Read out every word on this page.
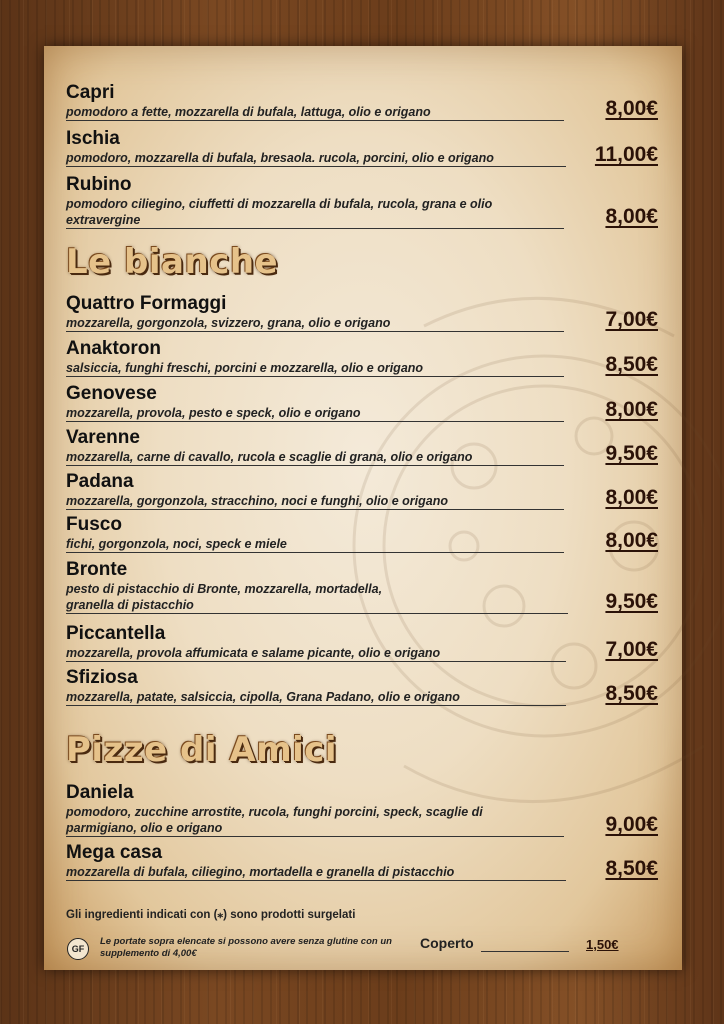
Capri
pomodoro a fette, mozzarella di bufala, lattuga, olio e origano	8,00€
Ischia
pomodoro, mozzarella di bufala, bresaola. rucola, porcini, olio e origano	11,00€
Rubino
pomodoro ciliegino, ciuffetti di mozzarella di bufala, rucola, grana e olio
extravergine	8,00€
Le bianche
Quattro Formaggi
mozzarella, gorgonzola, svizzero, grana, olio e origano	7,00€
Anaktoron
salsiccia, funghi freschi, porcini e mozzarella, olio e origano	8,50€
Genovese
mozzarella, provola, pesto e speck, olio e origano	8,00€
Varenne
mozzarella, carne di cavallo, rucola e scaglie di grana, olio e origano	9,50€
Padana
mozzarella, gorgonzola, stracchino, noci e funghi, olio e origano	8,00€
Fusco
fichi, gorgonzola, noci, speck e miele	8,00€
Bronte
pesto di pistacchio di Bronte, mozzarella, mortadella,
granella di pistacchio	9,50€
Piccantella
mozzarella, provola affumicata e salame picante, olio e origano	7,00€
Sfiziosa
mozzarella, patate, salsiccia, cipolla, Grana Padano, olio e origano	8,50€
Pizze di Amici
Daniela
pomodoro, zucchine arrostite, rucola, funghi porcini, speck, scaglie di
parmigiano, olio e origano	9,00€
Mega casa
mozzarella di bufala, ciliegino, mortadella e granella di pistacchio	8,50€
Gli ingredienti indicati con (⁎) sono prodotti surgelati
GF
Le portate sopra elencate si possono avere senza glutine con un supplemento di 4,00€
Coperto	1,50€
